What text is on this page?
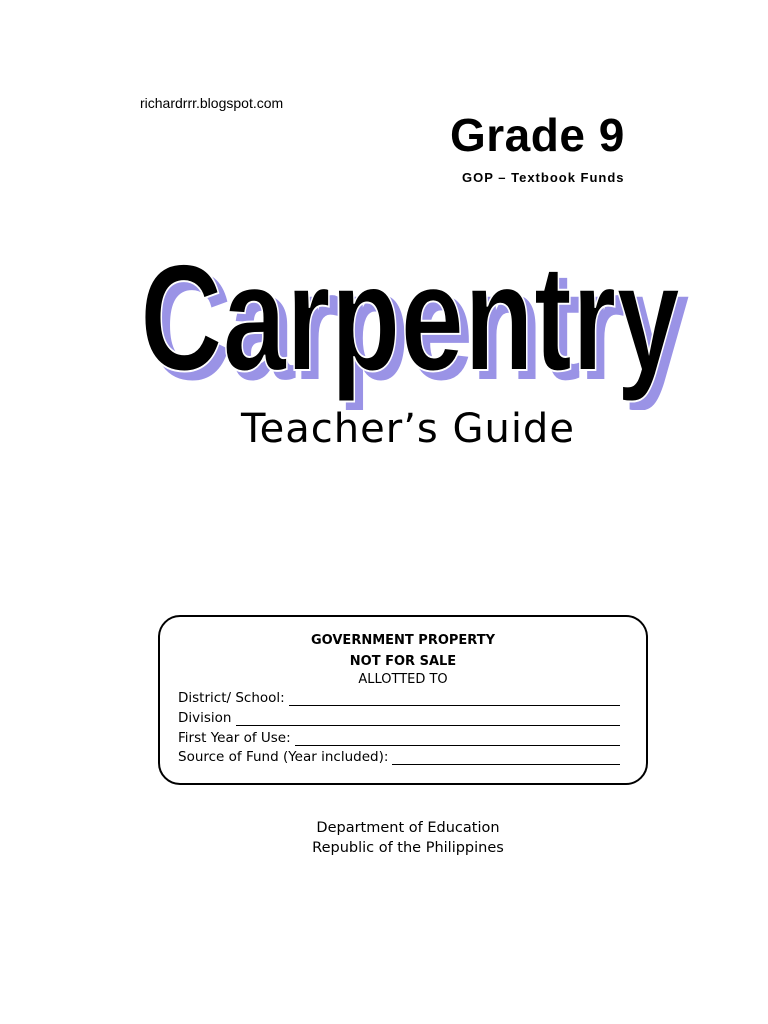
richardrrr.blogspot.com
Grade 9
GOP – Textbook Funds
Carpentry
Carpentry
Teacher’s Guide
GOVERNMENT PROPERTY
NOT FOR SALE
ALLOTTED TO
District/ School:
Division
First Year of Use:
Source of Fund (Year included):
Department of Education
Republic of the Philippines
